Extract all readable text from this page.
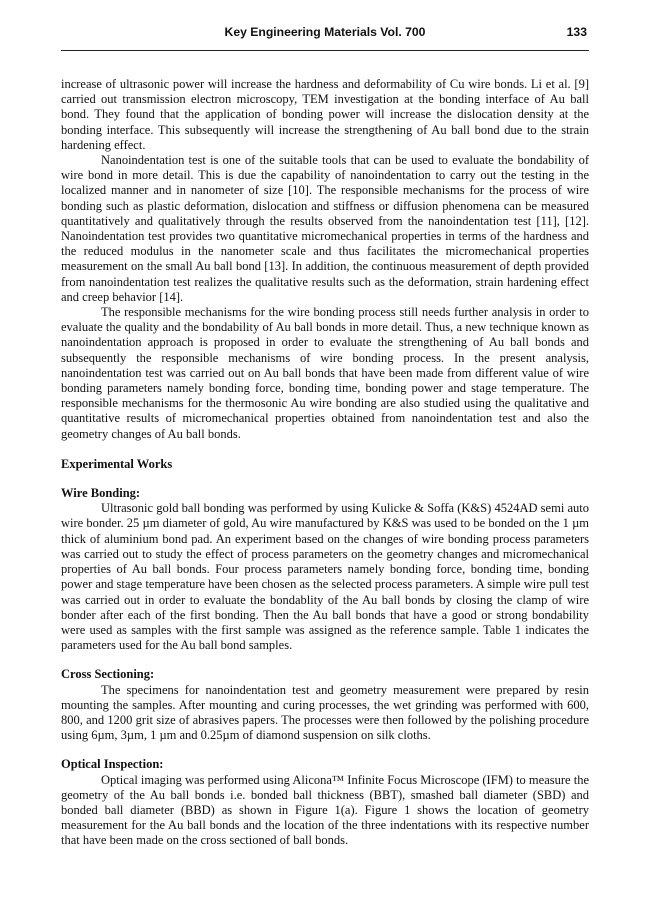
Key Engineering Materials Vol. 700	133

increase of ultrasonic power will increase the hardness and deformability of Cu wire bonds. Li et al. [9] carried out transmission electron microscopy, TEM investigation at the bonding interface of Au ball bond. They found that the application of bonding power will increase the dislocation density at the bonding interface. This subsequently will increase the strengthening of Au ball bond due to the strain hardening effect.

Nanoindentation test is one of the suitable tools that can be used to evaluate the bondability of wire bond in more detail. This is due the capability of nanoindentation to carry out the testing in the localized manner and in nanometer of size [10]. The responsible mechanisms for the process of wire bonding such as plastic deformation, dislocation and stiffness or diffusion phenomena can be measured quantitatively and qualitatively through the results observed from the nanoindentation test [11], [12]. Nanoindentation test provides two quantitative micromechanical properties in terms of the hardness and the reduced modulus in the nanometer scale and thus facilitates the micromechanical properties measurement on the small Au ball bond [13]. In addition, the continuous measurement of depth provided from nanoindentation test realizes the qualitative results such as the deformation, strain hardening effect and creep behavior [14].

The responsible mechanisms for the wire bonding process still needs further analysis in order to evaluate the quality and the bondability of Au ball bonds in more detail. Thus, a new technique known as nanoindentation approach is proposed in order to evaluate the strengthening of Au ball bonds and subsequently the responsible mechanisms of wire bonding process. In the present analysis, nanoindentation test was carried out on Au ball bonds that have been made from different value of wire bonding parameters namely bonding force, bonding time, bonding power and stage temperature. The responsible mechanisms for the thermosonic Au wire bonding are also studied using the qualitative and quantitative results of micromechanical properties obtained from nanoindentation test and also the geometry changes of Au ball bonds.

Experimental Works

Wire Bonding:

Ultrasonic gold ball bonding was performed by using Kulicke & Soffa (K&S) 4524AD semi auto wire bonder. 25 µm diameter of gold, Au wire manufactured by K&S was used to be bonded on the 1 µm thick of aluminium bond pad. An experiment based on the changes of wire bonding process parameters was carried out to study the effect of process parameters on the geometry changes and micromechanical properties of Au ball bonds. Four process parameters namely bonding force, bonding time, bonding power and stage temperature have been chosen as the selected process parameters. A simple wire pull test was carried out in order to evaluate the bondablity of the Au ball bonds by closing the clamp of wire bonder after each of the first bonding. Then the Au ball bonds that have a good or strong bondability were used as samples with the first sample was assigned as the reference sample. Table 1 indicates the parameters used for the Au ball bond samples.

Cross Sectioning:

The specimens for nanoindentation test and geometry measurement were prepared by resin mounting the samples. After mounting and curing processes, the wet grinding was performed with 600, 800, and 1200 grit size of abrasives papers. The processes were then followed by the polishing procedure using 6µm, 3µm, 1 µm and 0.25µm of diamond suspension on silk cloths.

Optical Inspection:

Optical imaging was performed using Alicona™ Infinite Focus Microscope (IFM) to measure the geometry of the Au ball bonds i.e. bonded ball thickness (BBT), smashed ball diameter (SBD) and bonded ball diameter (BBD) as shown in Figure 1(a). Figure 1 shows the location of geometry measurement for the Au ball bonds and the location of the three indentations with its respective number that have been made on the cross sectioned of ball bonds.
